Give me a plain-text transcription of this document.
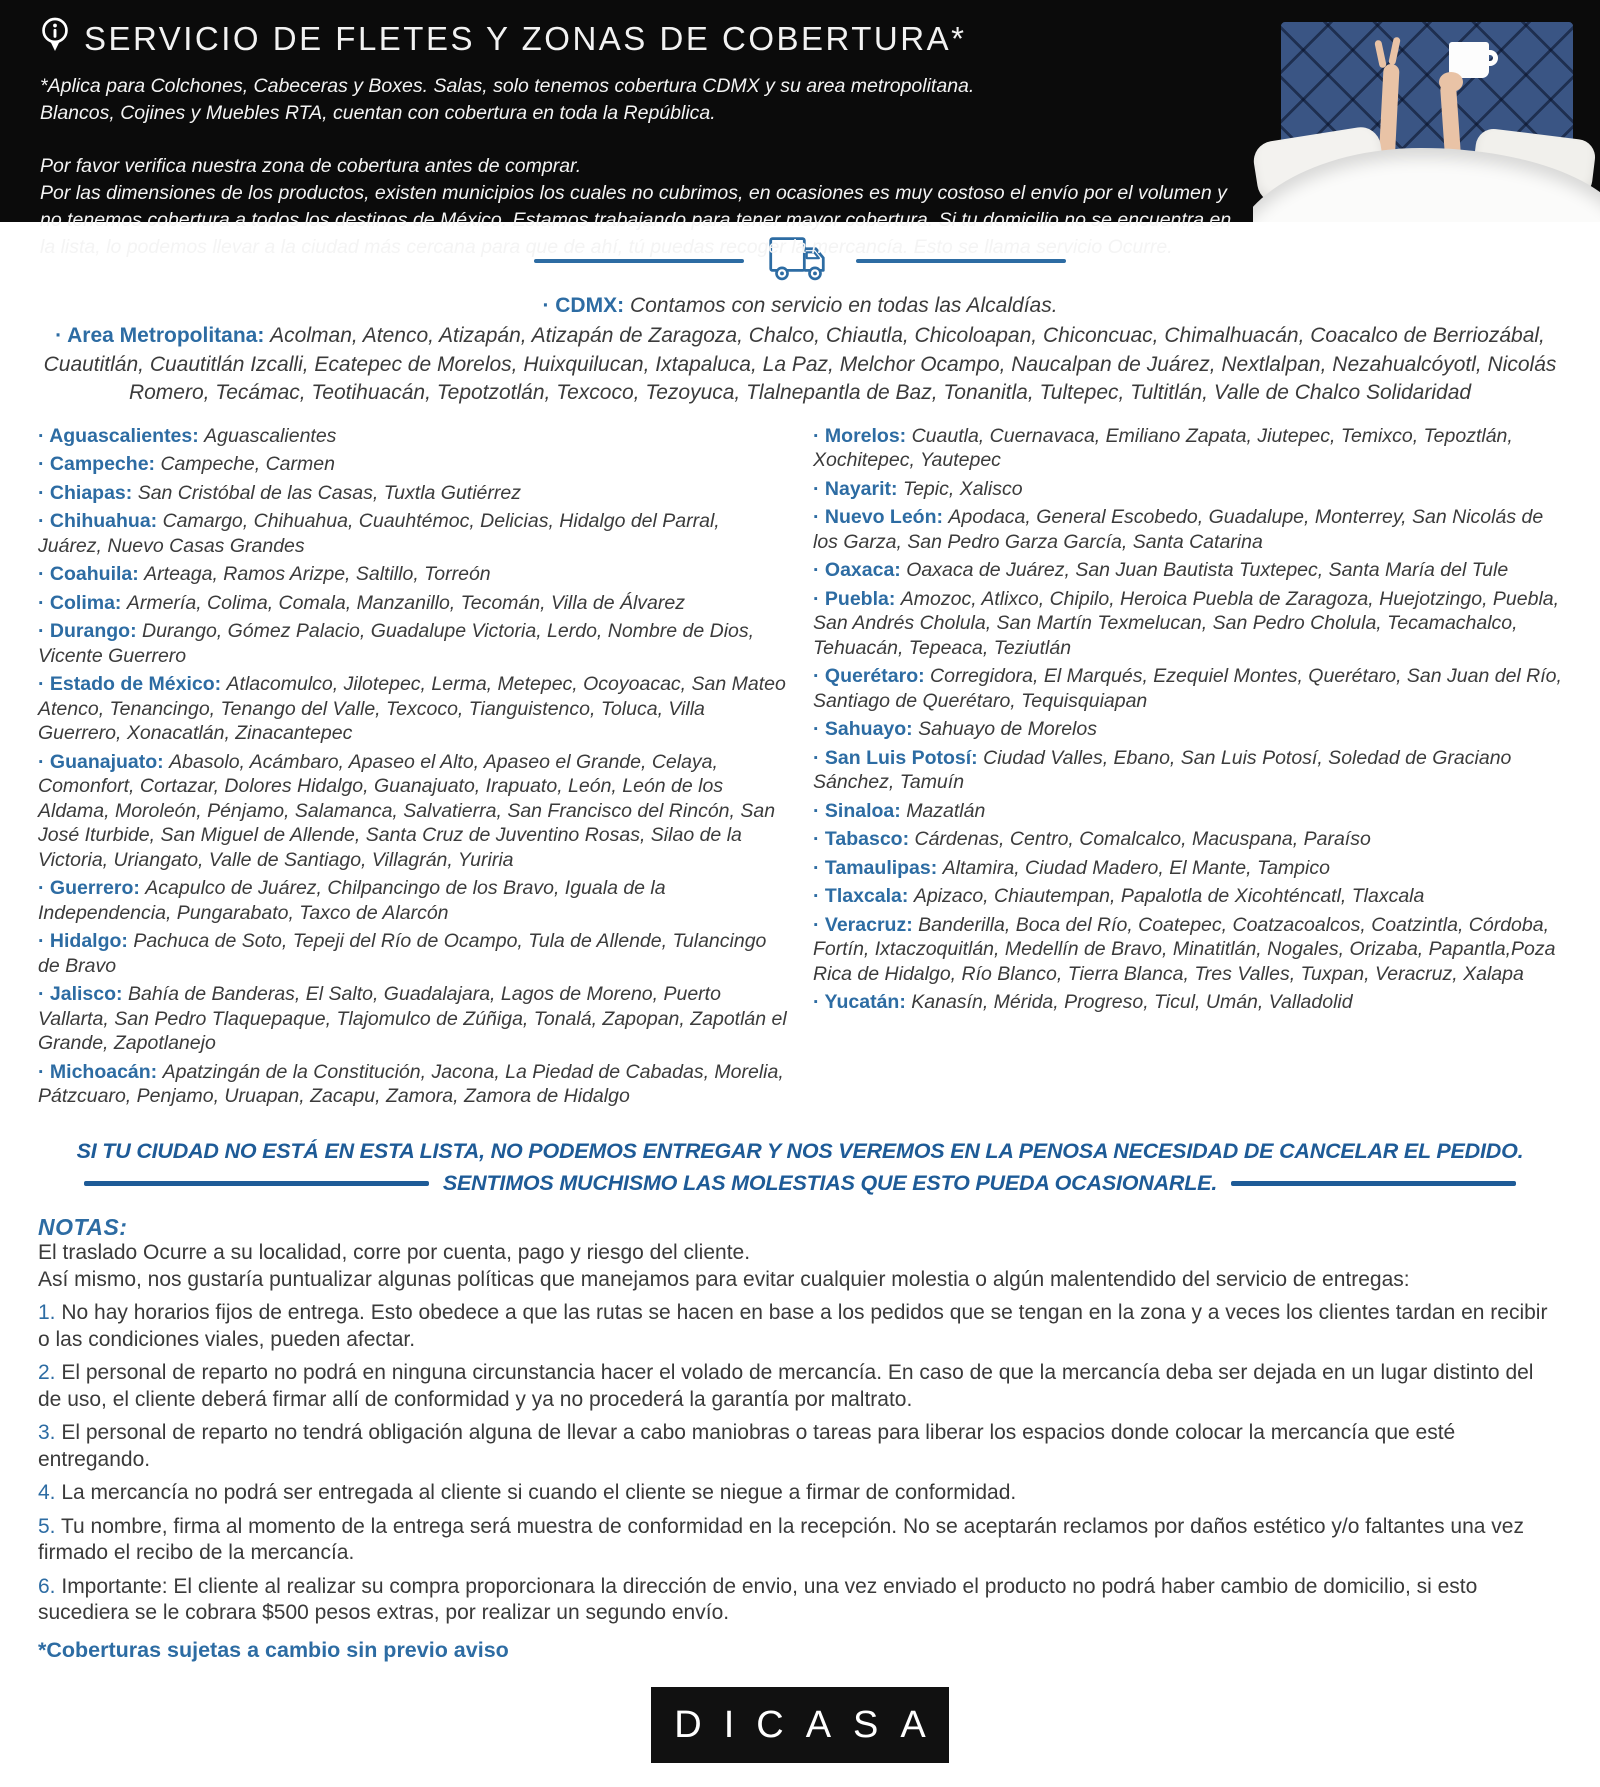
SERVICIO DE FLETES Y ZONAS DE COBERTURA*
*Aplica para Colchones, Cabeceras y Boxes. Salas, solo tenemos cobertura CDMX y su area metropolitana.
Blancos, Cojines y Muebles RTA, cuentan con cobertura en toda la República.
Por favor verifica nuestra zona de cobertura antes de comprar.
Por las dimensiones de los productos, existen municipios los cuales no cubrimos, en ocasiones es muy costoso el envío por el volumen y no tenemos cobertura a todos los destinos de México. Estamos trabajando para tener mayor cobertura. Si tu domicilio no se encuentra en la lista, lo podemos llevar a la ciudad más cercana para que de ahí, tú puedas recoger la mercancía. Esto se llama servicio Ocurre.

· CDMX: Contamos con servicio en todas las Alcaldías.

· Area Metropolitana: Acolman, Atenco, Atizapán, Atizapán de Zaragoza, Chalco, Chiautla, Chicoloapan, Chiconcuac, Chimalhuacán, Coacalco de Berriozábal, Cuautitlán, Cuautitlán Izcalli, Ecatepec de Morelos, Huixquilucan, Ixtapaluca, La Paz, Melchor Ocampo, Naucalpan de Juárez, Nextlalpan, Nezahualcóyotl, Nicolás Romero, Tecámac, Teotihuacán, Tepotzotlán, Texcoco, Tezoyuca, Tlalnepantla de Baz, Tonanitla, Tultepec, Tultitlán, Valle de Chalco Solidaridad

· Aguascalientes: Aguascalientes

· Campeche: Campeche, Carmen

· Chiapas: San Cristóbal de las Casas, Tuxtla Gutiérrez

· Chihuahua: Camargo, Chihuahua, Cuauhtémoc, Delicias, Hidalgo del Parral, Juárez, Nuevo Casas Grandes

· Coahuila: Arteaga, Ramos Arizpe, Saltillo, Torreón

· Colima: Armería, Colima, Comala, Manzanillo, Tecomán, Villa de Álvarez

· Durango: Durango, Gómez Palacio, Guadalupe Victoria, Lerdo, Nombre de Dios, Vicente Guerrero

· Estado de México: Atlacomulco, Jilotepec, Lerma, Metepec, Ocoyoacac, San Mateo Atenco, Tenancingo, Tenango del Valle, Texcoco, Tianguistenco, Toluca, Villa Guerrero, Xonacatlán, Zinacantepec

· Guanajuato: Abasolo, Acámbaro, Apaseo el Alto, Apaseo el Grande, Celaya, Comonfort, Cortazar, Dolores Hidalgo, Guanajuato, Irapuato, León, León de los Aldama, Moroleón, Pénjamo, Salamanca, Salvatierra, San Francisco del Rincón, San José Iturbide, San Miguel de Allende, Santa Cruz de Juventino Rosas, Silao de la Victoria, Uriangato, Valle de Santiago, Villagrán, Yuriria

· Guerrero: Acapulco de Juárez, Chilpancingo de los Bravo, Iguala de la Independencia, Pungarabato, Taxco de Alarcón

· Hidalgo: Pachuca de Soto, Tepeji del Río de Ocampo, Tula de Allende, Tulancingo de Bravo

· Jalisco: Bahía de Banderas, El Salto, Guadalajara, Lagos de Moreno, Puerto Vallarta, San Pedro Tlaquepaque, Tlajomulco de Zúñiga, Tonalá, Zapopan, Zapotlán el Grande, Zapotlanejo

· Michoacán: Apatzingán de la Constitución, Jacona, La Piedad de Cabadas, Morelia, Pátzcuaro, Penjamo, Uruapan, Zacapu, Zamora, Zamora de Hidalgo

· Morelos: Cuautla, Cuernavaca, Emiliano Zapata, Jiutepec, Temixco, Tepoztlán, Xochitepec, Yautepec

· Nayarit: Tepic, Xalisco

· Nuevo León: Apodaca, General Escobedo, Guadalupe, Monterrey, San Nicolás de los Garza, San Pedro Garza García, Santa Catarina

· Oaxaca: Oaxaca de Juárez, San Juan Bautista Tuxtepec, Santa María del Tule

· Puebla: Amozoc, Atlixco, Chipilo, Heroica Puebla de Zaragoza, Huejotzingo, Puebla, San Andrés Cholula, San Martín Texmelucan, San Pedro Cholula, Tecamachalco, Tehuacán, Tepeaca, Teziutlán

· Querétaro: Corregidora, El Marqués, Ezequiel Montes, Querétaro, San Juan del Río, Santiago de Querétaro, Tequisquiapan

· Sahuayo: Sahuayo de Morelos

· San Luis Potosí: Ciudad Valles, Ebano, San Luis Potosí, Soledad de Graciano Sánchez, Tamuín

· Sinaloa: Mazatlán

· Tabasco: Cárdenas, Centro, Comalcalco, Macuspana, Paraíso

· Tamaulipas: Altamira, Ciudad Madero, El Mante, Tampico

· Tlaxcala: Apizaco, Chiautempan, Papalotla de Xicohténcatl, Tlaxcala

· Veracruz: Banderilla, Boca del Río, Coatepec, Coatzacoalcos, Coatzintla, Córdoba, Fortín, Ixtaczoquitlán, Medellín de Bravo, Minatitlán, Nogales, Orizaba, Papantla,Poza Rica de Hidalgo, Río Blanco, Tierra Blanca, Tres Valles, Tuxpan, Veracruz, Xalapa

· Yucatán: Kanasín, Mérida, Progreso, Ticul, Umán, Valladolid

SI TU CIUDAD NO ESTÁ EN ESTA LISTA, NO PODEMOS ENTREGAR Y NOS VEREMOS EN LA PENOSA NECESIDAD DE CANCELAR EL PEDIDO.

SENTIMOS MUCHISMO LAS MOLESTIAS QUE ESTO PUEDA OCASIONARLE.

NOTAS:

El traslado Ocurre a su localidad, corre por cuenta, pago y riesgo del cliente.

Así mismo, nos gustaría puntualizar algunas políticas que manejamos para evitar cualquier molestia o algún malentendido del servicio de entregas:

1. No hay horarios fijos de entrega. Esto obedece a que las rutas se hacen en base a los pedidos que se tengan en la zona y a veces los clientes tardan en recibir o las condiciones viales, pueden afectar.

2. El personal de reparto no podrá en ninguna circunstancia hacer el volado de mercancía. En caso de que la mercancía deba ser dejada en un lugar distinto del de uso, el cliente deberá firmar allí de conformidad y ya no procederá la garantía por maltrato.

3. El personal de reparto no tendrá obligación alguna de llevar a cabo maniobras o tareas para liberar los espacios donde colocar la mercancía que esté entregando.

4. La mercancía no podrá ser entregada al cliente si cuando el cliente se niegue a firmar de conformidad.

5. Tu nombre, firma al momento de la entrega será muestra de conformidad en la recepción. No se aceptarán reclamos por daños estético y/o faltantes una vez firmado el recibo de la mercancía.

6. Importante: El cliente al realizar su compra proporcionara la dirección de envio, una vez enviado el producto no podrá haber cambio de domicilio, si esto sucediera se le cobrara $500 pesos extras, por realizar un segundo envío.

*Coberturas sujetas a cambio sin previo aviso

DICASA
